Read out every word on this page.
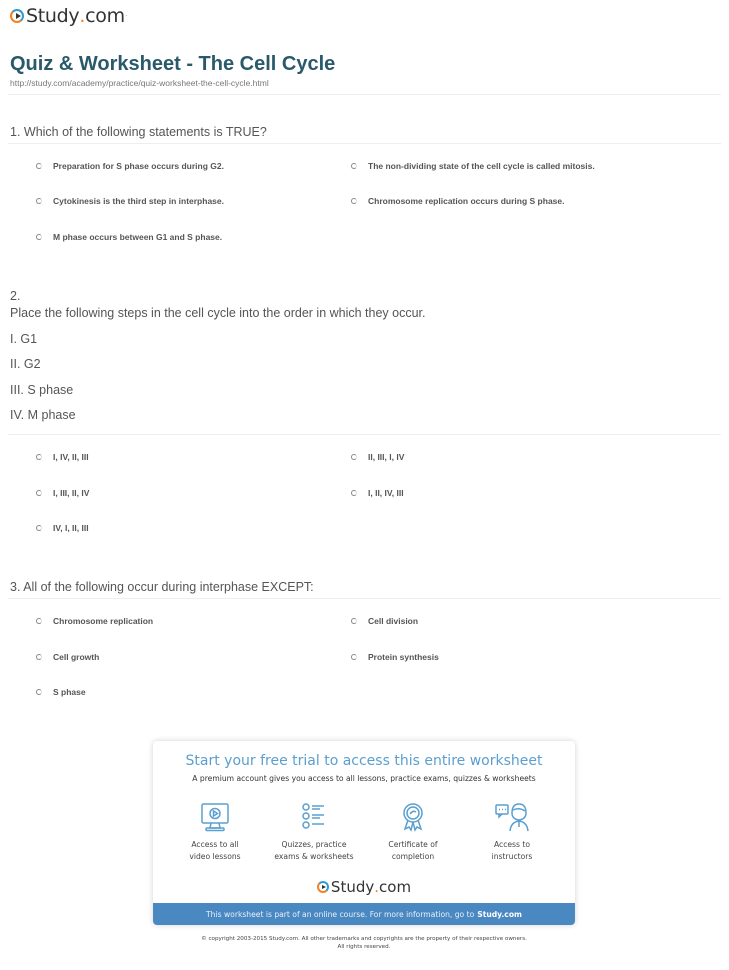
Study . com ·
Quiz & Worksheet - The Cell Cycle
http://study.com/academy/practice/quiz-worksheet-the-cell-cycle.html
1. Which of the following statements is TRUE?
Preparation for S phase occurs during G2.	The non-dividing state of the cell cycle is called mitosis.
Cytokinesis is the third step in interphase.	Chromosome replication occurs during S phase.
M phase occurs between G1 and S phase.
2.
Place the following steps in the cell cycle into the order in which they occur.
I. G1
II. G2
III. S phase
IV. M phase
I, IV, II, III	II, III, I, IV
I, III, II, IV	I, II, IV, III
IV, I, II, III
3. All of the following occur during interphase EXCEPT:
Chromosome replication	Cell division
Cell growth	Protein synthesis
S phase
Start your free trial to access this entire worksheet
A premium account gives you access to all lessons, practice exams, quizzes & worksheets
Access to all
video lessons
Quizzes, practice
exams & worksheets
Certificate of
completion
Access to
instructors
Study . com
This worksheet is part of an online course. For more information, go to Study.com
© copyright 2003-2015 Study.com. All other trademarks and copyrights are the property of their respective owners.
All rights reserved.
